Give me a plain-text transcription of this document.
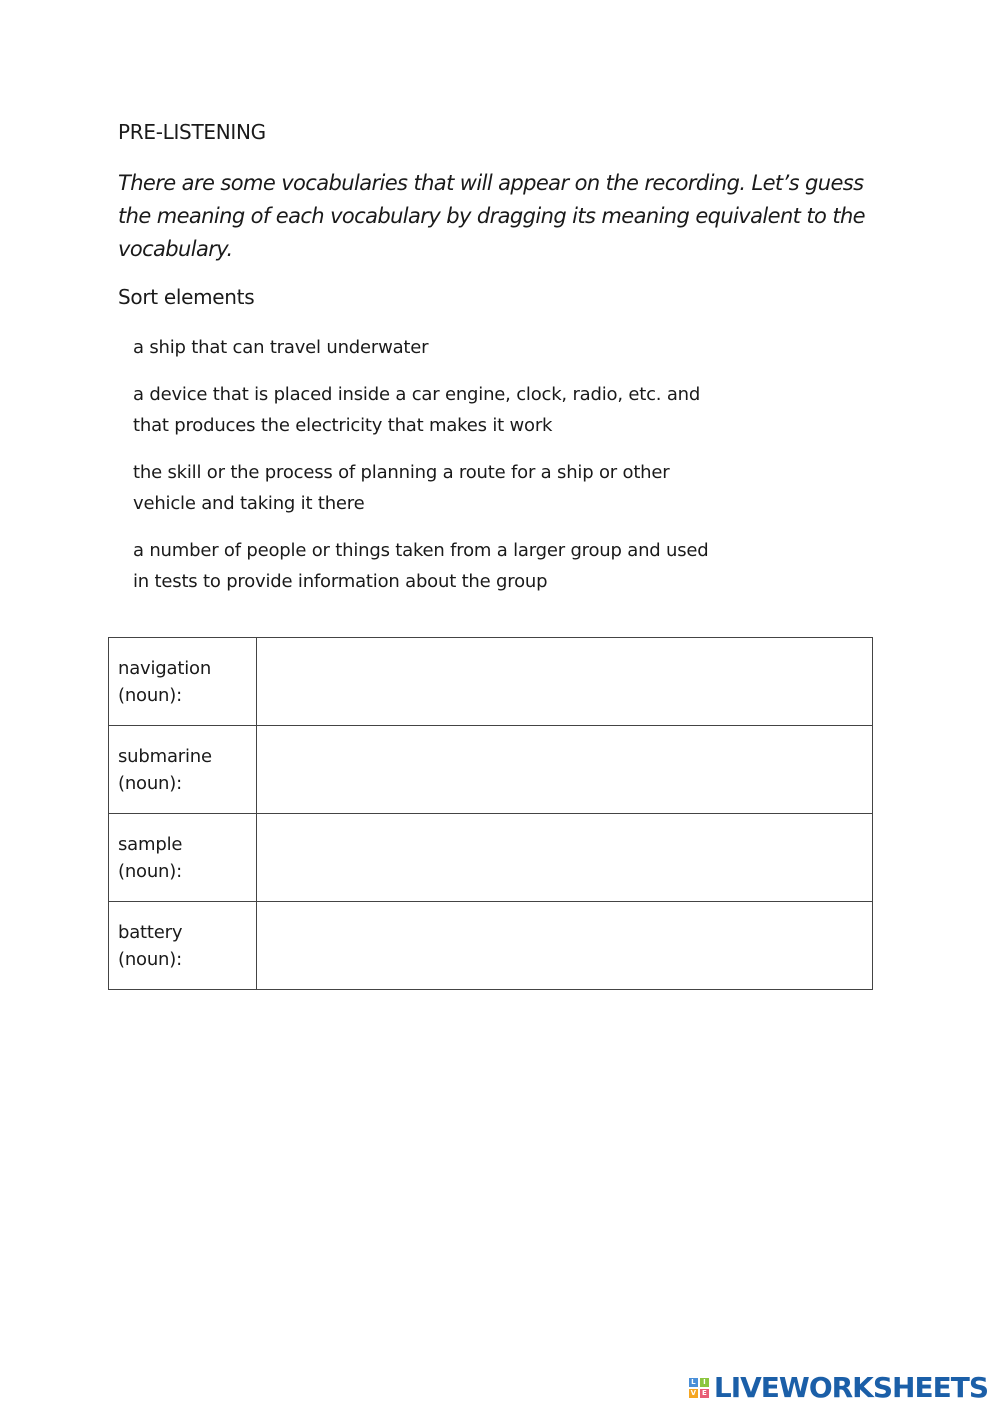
PRE-LISTENING

There are some vocabularies that will appear on the recording. Let’s guess the meaning of each vocabulary by dragging its meaning equivalent to the vocabulary.

Sort elements

a ship that can travel underwater
a device that is placed inside a car engine, clock, radio, etc. and that produces the electricity that makes it work
the skill or the process of planning a route for a ship or other vehicle and taking it there
a number of people or things taken from a larger group and used in tests to provide information about the group
navigation
(noun):	

submarine
(noun):	

sample
(noun):	

battery
(noun):	

L	I
V E LIVEWORKSHEETS
